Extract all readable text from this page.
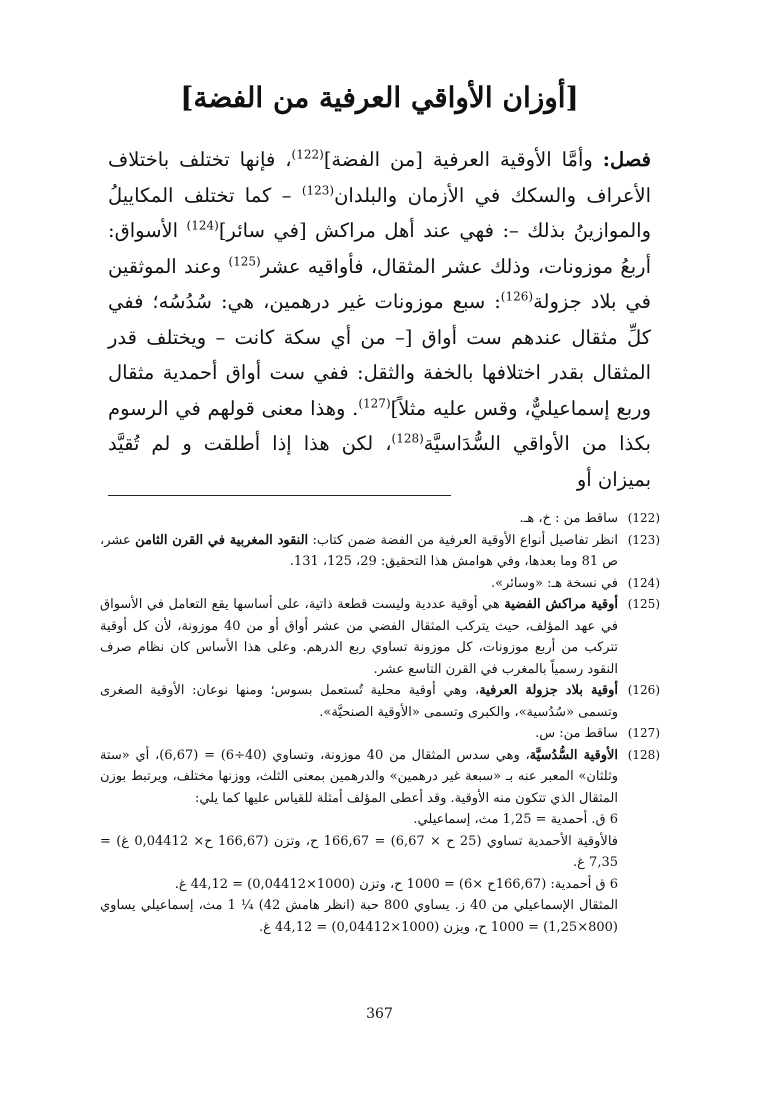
[أوزان الأواقي العرفية من الفضة]

فصل: وأمَّا الأوقية العرفية [من الفضة]$^{(122)}$، فإنها تختلف باختلاف الأعراف والسكك في الأزمان والبلدان$^{(123)}$ – كما تختلف المكاييلُ والموازينُ بذلك –: فهي عند أهل مراكش [في سائر]$^{(124)}$ الأسواق: أربعُ موزونات، وذلك عشر المثقال، فأواقيه عشر$^{(125)}$ وعند الموثقين في بلاد جزولة$^{(126)}$: سبع موزونات غير درهمين، هي: سُدُسُه؛ ففي كلِّ مثقال عندهم ست أواق [– من أي سكة كانت – ويختلف قدر المثقال بقدر اختلافها بالخفة والثقل: ففي ست أواق أحمدية مثقال وربع إسماعيليٌّ، وقس عليه مثلاً]$^{(127)}$. وهذا معنى قولهم في الرسوم بكذا من الأواقي السُّدَاسيَّة$^{(128)}$، لكن هذا إذا أطلقت و لم تُقيَّد بميزان أو

(122)
ساقط من : خ، هـ.
(123)
انظر تفاصيل أنواع الأوقية العرفية من الفضة ضمن كتاب: النقود المغربية في القرن الثامن عشر، ص 81 وما بعدها، وفي هوامش هذا التحقيق: 29، 125، 131.
(124)
في نسخة هـ: «وسائر».
(125)
أوقية مراكش الفضية هي أوقية عددية وليست قطعة ذاتية، على أساسها يقع التعامل في الأسواق في عهد المؤلف، حيث يتركب المثقال الفضي من عشر أواق أو من 40 موزونة، لأن كل أوقية تتركب من أربع موزونات، كل موزونة تساوي ربع الدرهم. وعلى هذا الأساس كان نظام صرف النقود رسمياً بالمغرب في القرن التاسع عشر.
(126)
أوقية بلاد جزولة العرفية، وهي أوقية محلية تُستعمل بسوس؛ ومنها نوعان: الأوقية الصغرى وتسمى «سُدُسية»، والكبرى وتسمى «الأوقية الصنحيَّة».
(127)
ساقط من: س.
(128)
الأوقية السُّدُسيَّة، وهي سدس المثقال من 40 موزونة، وتساوي (40÷6) = (6,67)، أي «ستة وثلثان» المعبر عنه بـ «سبعة غير درهمين» والدرهمين بمعنى الثلث، ووزنها مختلف، ويرتبط بوزن المثقال الذي تتكون منه الأوقية. وقد أعطى المؤلف أمثلة للقياس عليها كما يلي:
6 ق. أحمدية = 1,25 مث، إسماعيلي.
فالأوقية الأحمدية تساوي (25 ح × 6,67) = 166,67 ح، وتزن (166,67 ح× 0,04412 غ) = 7,35 غ.
6 ق أحمدية: (166,67ح ×6) = 1000 ح، وتزن (1000×0,04412) = 44,12 غ.
المثقال الإسماعيلي من 40 ز. يساوي 800 حبة (انظر هامش 42) ¼ 1 مث، إسماعيلي يساوي (800×1,25) = 1000 ح، ويزن (1000×0,04412) = 44,12 غ.
367
